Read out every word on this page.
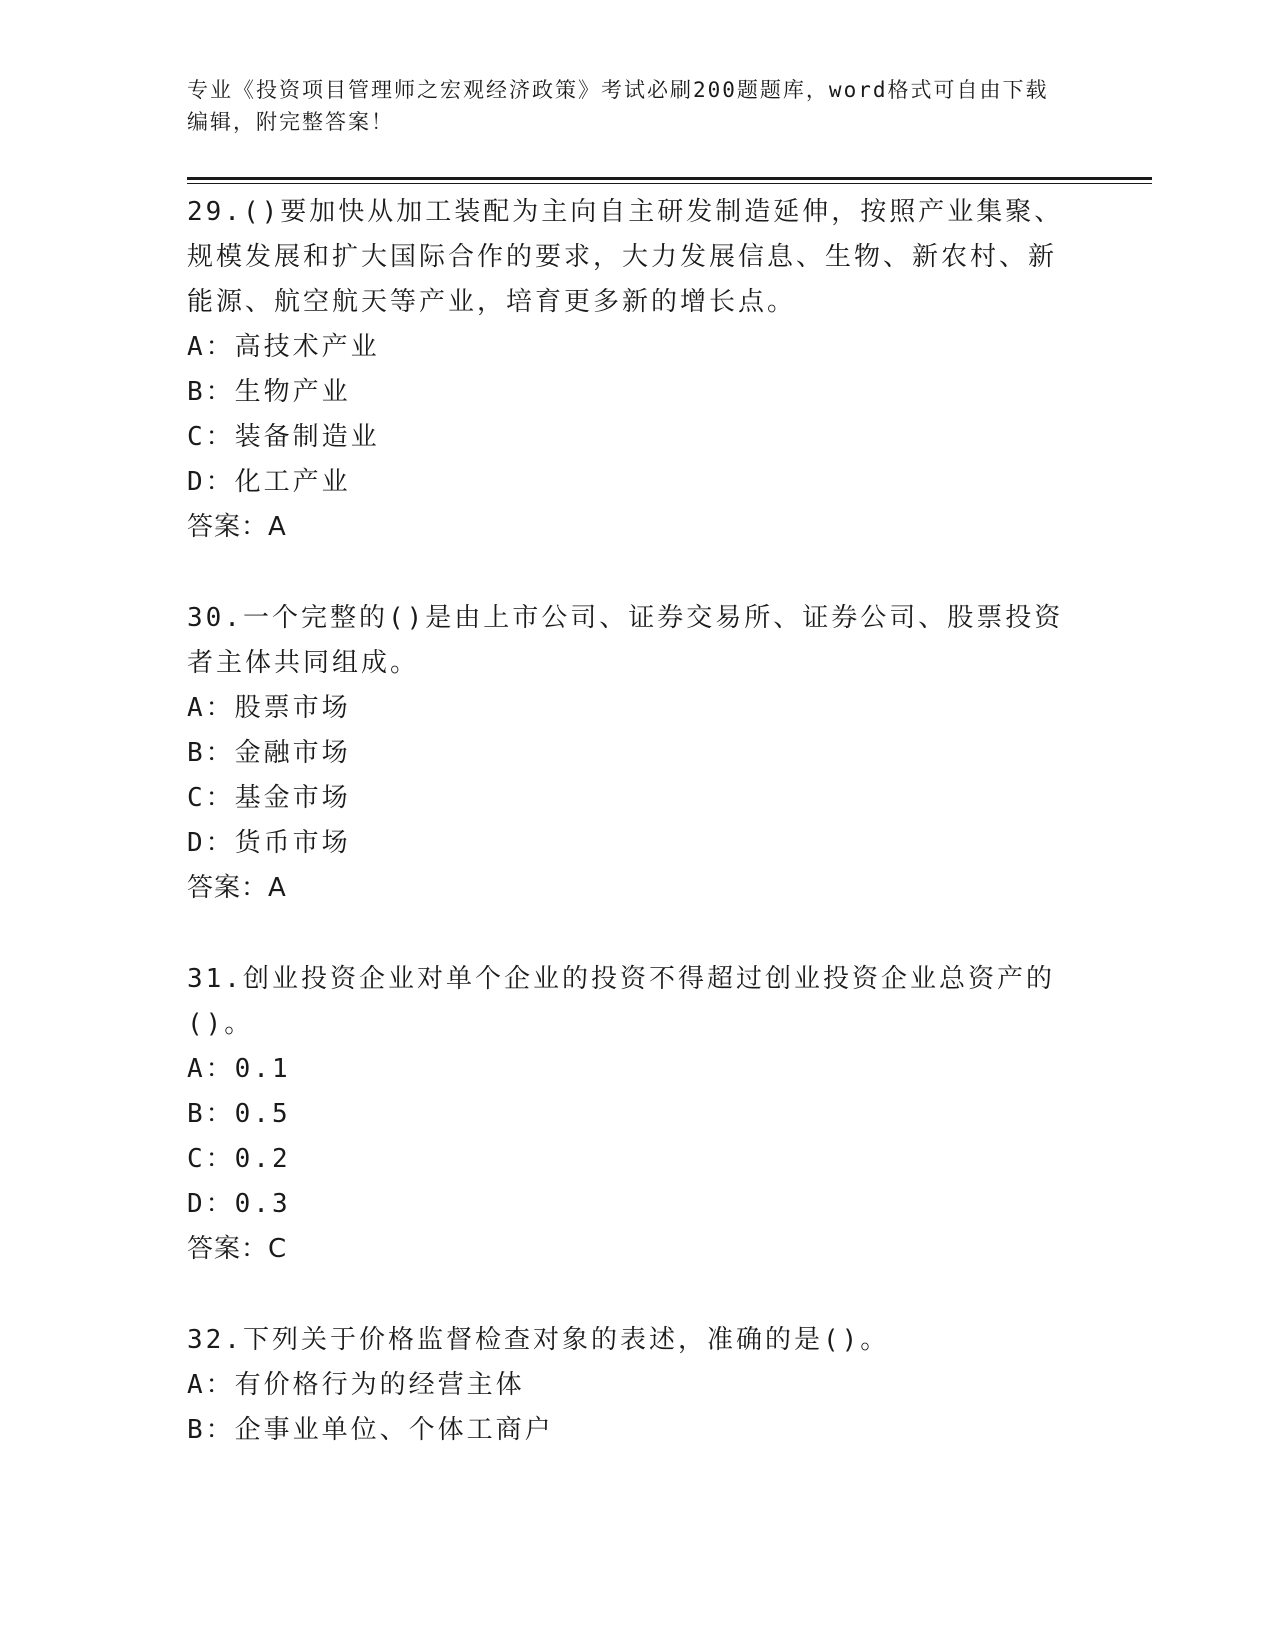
专业《投资项目管理师之宏观经济政策》考试必刷200题题库，word格式可自由下载编辑，附完整答案！
29.()要加快从加工装配为主向自主研发制造延伸，按照产业集聚、规模发展和扩大国际合作的要求，大力发展信息、生物、新农村、新能源、航空航天等产业，培育更多新的增长点。
A：高技术产业
B：生物产业
C：装备制造业
D：化工产业
答案：A
30.一个完整的()是由上市公司、证券交易所、证券公司、股票投资者主体共同组成。
A：股票市场
B：金融市场
C：基金市场
D：货币市场
答案：A
31.创业投资企业对单个企业的投资不得超过创业投资企业总资产的()。
A：0.1
B：0.5
C：0.2
D：0.3
答案：C
32.下列关于价格监督检查对象的表述，准确的是()。
A：有价格行为的经营主体
B：企事业单位、个体工商户
